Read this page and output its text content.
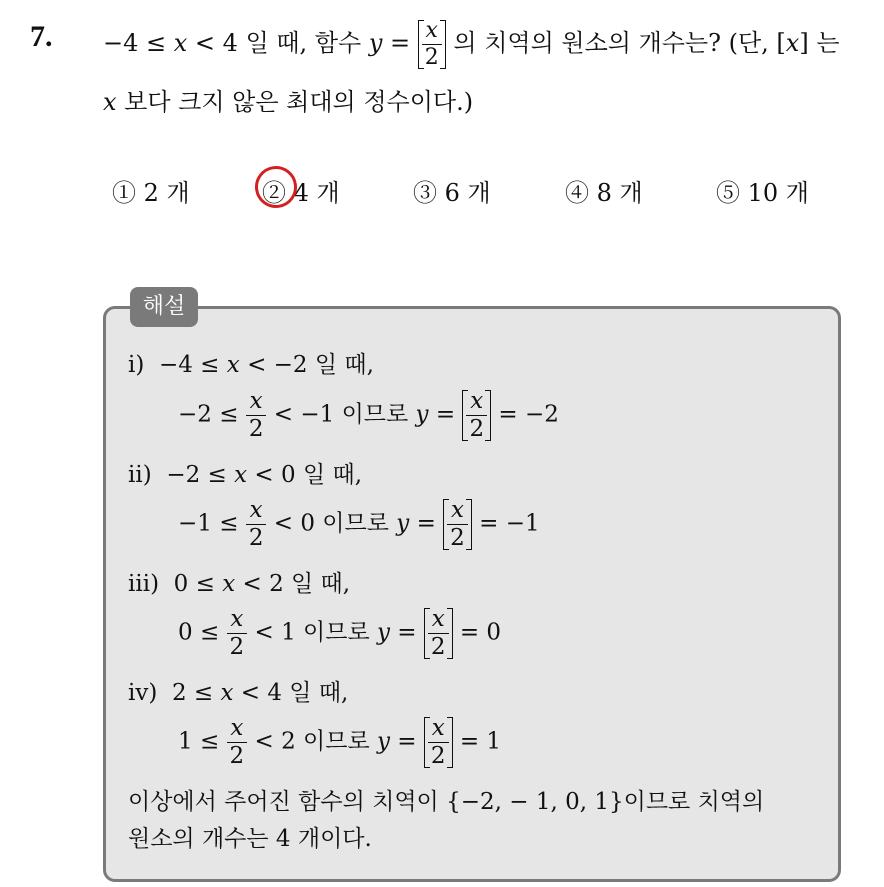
7. −4 ≤ x < 4 일 때, 함수 $y = \frac{x}{2}$ 의 치역의 원소의 개수는? (단, [x] 는
x 보다 크지 않은 최대의 정수이다.)
① 2 개	② 4 개	③ 6 개	④ 8 개	⑤ 10 개
해설
ⅰ) −4 ≤ x < −2 일 때,
$-2 \le \frac{x}{2} < -1$ 이므로 $y = \frac{x}{2} = -2$
ⅱ) −2 ≤ x < 0 일 때,
$-1 \le \frac{x}{2} < 0$ 이므로 $y = \frac{x}{2} = -1$
ⅲ) 0 ≤ x < 2 일 때,
$0 \le \frac{x}{2} < 1$ 이므로 $y = \frac{x}{2} = 0$
ⅳ) 2 ≤ x < 4 일 때,
$1 \le \frac{x}{2} < 2$ 이므로 $y = \frac{x}{2} = 1$
이상에서 주어진 함수의 치역이 {−2, − 1, 0, 1}이므로 치역의
원소의 개수는 4 개이다.
